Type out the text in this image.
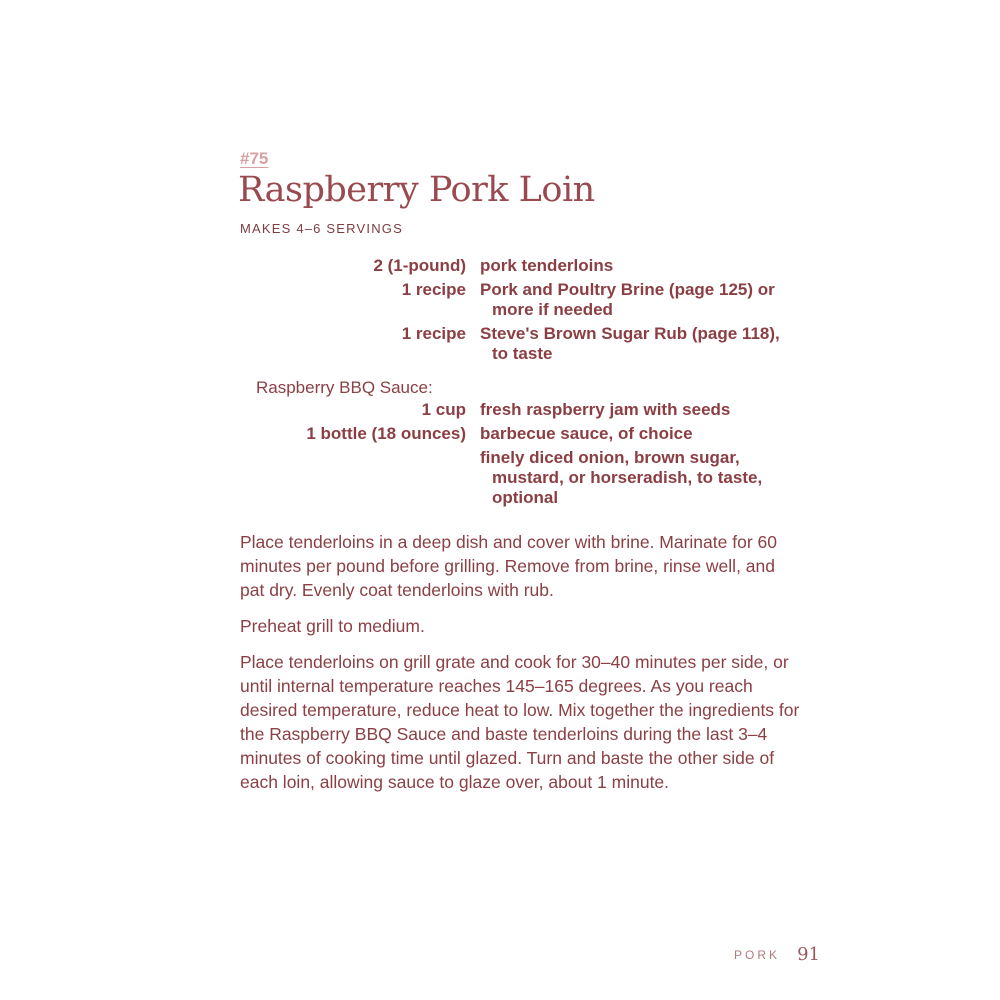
#75

Raspberry Pork Loin

MAKES 4–6 SERVINGS

2 (1-pound) pork tenderloins
1 recipe Pork and Poultry Brine (page 125) or more if needed
1 recipe Steve's Brown Sugar Rub (page 118), to taste
Raspberry BBQ Sauce:
1 cup fresh raspberry jam with seeds
1 bottle (18 ounces) barbecue sauce, of choice
finely diced onion, brown sugar, mustard, or horseradish, to taste, optional

Place tenderloins in a deep dish and cover with brine. Marinate for 60 minutes per pound before grilling. Remove from brine, rinse well, and pat dry. Evenly coat tenderloins with rub.

Preheat grill to medium.

Place tenderloins on grill grate and cook for 30–40 minutes per side, or until internal temperature reaches 145–165 degrees. As you reach desired temperature, reduce heat to low. Mix together the ingredients for the Raspberry BBQ Sauce and baste tenderloins during the last 3–4 minutes of cooking time until glazed. Turn and baste the other side of each loin, allowing sauce to glaze over, about 1 minute.

PORK 91
